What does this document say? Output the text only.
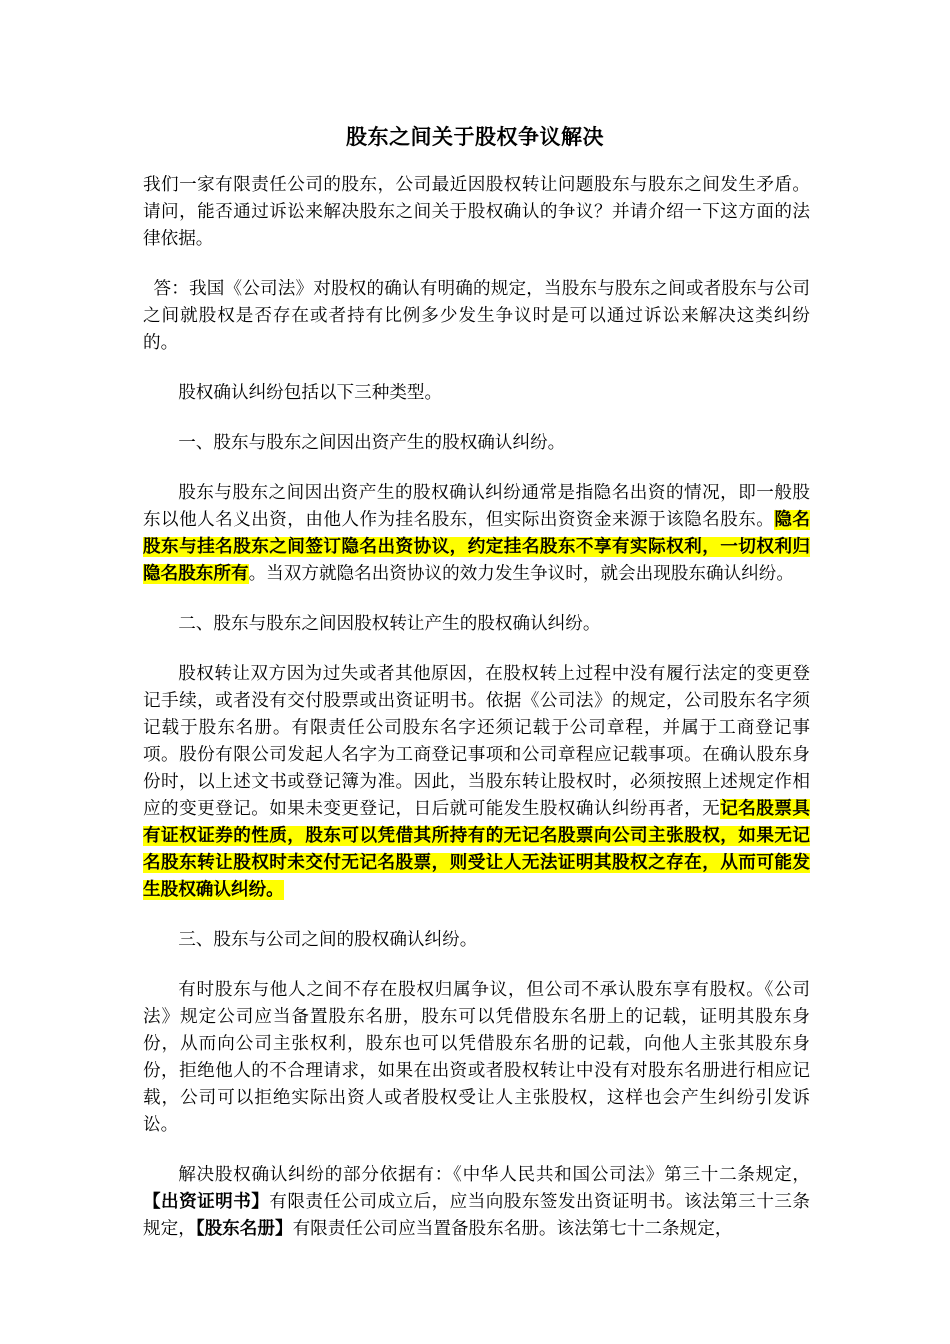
股东之间关于股权争议解决

我们一家有限责任公司的股东，公司最近因股权转让问题股东与股东之间发生矛盾。请问，能否通过诉讼来解决股东之间关于股权确认的争议？并请介绍一下这方面的法律依据。

答：我国《公司法》对股权的确认有明确的规定，当股东与股东之间或者股东与公司之间就股权是否存在或者持有比例多少发生争议时是可以通过诉讼来解决这类纠纷的。

股权确认纠纷包括以下三种类型。

一、股东与股东之间因出资产生的股权确认纠纷。

股东与股东之间因出资产生的股权确认纠纷通常是指隐名出资的情况，即一般股东以他人名义出资，由他人作为挂名股东，但实际出资资金来源于该隐名股东。隐名股东与挂名股东之间签订隐名出资协议，约定挂名股东不享有实际权利，一切权利归隐名股东所有。当双方就隐名出资协议的效力发生争议时，就会出现股东确认纠纷。

二、股东与股东之间因股权转让产生的股权确认纠纷。

股权转让双方因为过失或者其他原因，在股权转上过程中没有履行法定的变更登记手续，或者没有交付股票或出资证明书。依据《公司法》的规定，公司股东名字须记载于股东名册。有限责任公司股东名字还须记载于公司章程，并属于工商登记事项。股份有限公司发起人名字为工商登记事项和公司章程应记载事项。在确认股东身份时，以上述文书或登记簿为准。因此，当股东转让股权时，必须按照上述规定作相应的变更登记。如果未变更登记，日后就可能发生股权确认纠纷再者，无记名股票具有证权证券的性质，股东可以凭借其所持有的无记名股票向公司主张股权，如果无记名股东转让股权时未交付无记名股票，则受让人无法证明其股权之存在，从而可能发生股权确认纠纷。

三、股东与公司之间的股权确认纠纷。

有时股东与他人之间不存在股权归属争议，但公司不承认股东享有股权。《公司法》规定公司应当备置股东名册，股东可以凭借股东名册上的记载，证明其股东身份，从而向公司主张权利，股东也可以凭借股东名册的记载，向他人主张其股东身份，拒绝他人的不合理请求，如果在出资或者股权转让中没有对股东名册进行相应记载，公司可以拒绝实际出资人或者股权受让人主张股权，这样也会产生纠纷引发诉讼。

解决股权确认纠纷的部分依据有：《中华人民共和国公司法》第三十二条规定，【出资证明书】有限责任公司成立后，应当向股东签发出资证明书。该法第三十三条规定，【股东名册】有限责任公司应当置备股东名册。该法第七十二条规定，
